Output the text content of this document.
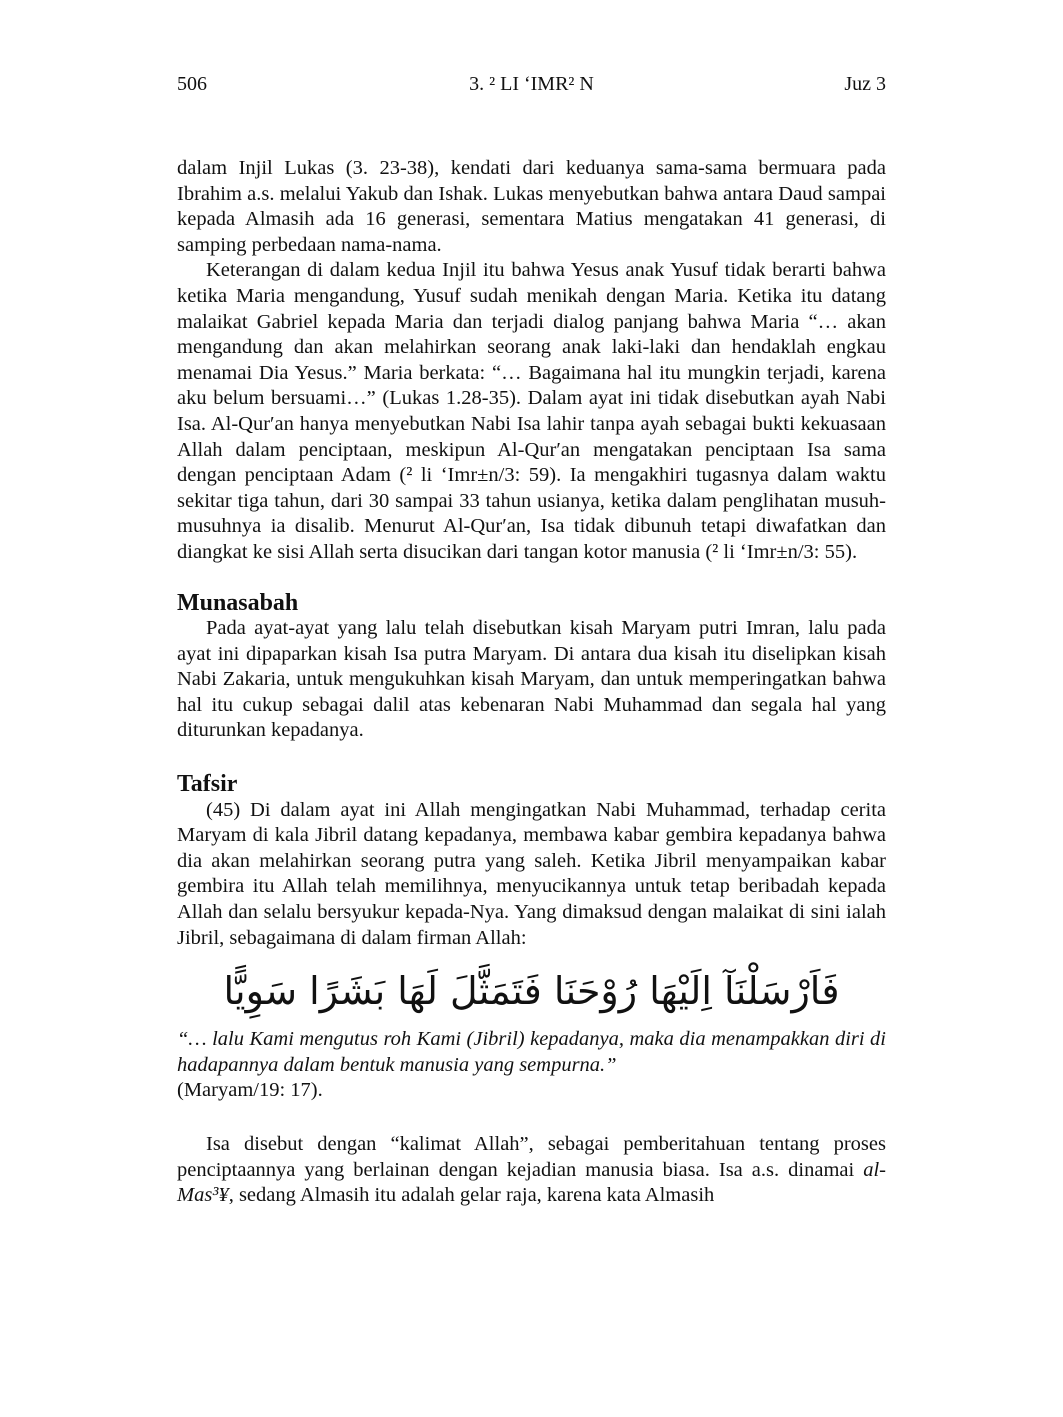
506	3. ² LI ‘IMR² N	Juz 3

dalam Injil Lukas (3. 23-38), kendati dari keduanya sama-sama bermuara pada Ibrahim a.s. melalui Yakub dan Ishak. Lukas menyebutkan bahwa antara Daud sampai kepada Almasih ada 16 generasi, sementara Matius mengatakan 41 generasi, di samping perbedaan nama-nama.

Keterangan di dalam kedua Injil itu bahwa Yesus anak Yusuf tidak berarti bahwa ketika Maria mengandung, Yusuf sudah menikah dengan Maria. Ketika itu datang malaikat Gabriel kepada Maria dan terjadi dialog panjang bahwa Maria “… akan mengandung dan akan melahirkan seorang anak laki-laki dan hendaklah engkau menamai Dia Yesus.” Maria berkata: “… Bagaimana hal itu mungkin terjadi, karena aku belum bersuami…” (Lukas 1.28-35). Dalam ayat ini tidak disebutkan ayah Nabi Isa. Al-Qur′an hanya menyebutkan Nabi Isa lahir tanpa ayah sebagai bukti kekuasaan Allah dalam penciptaan, meskipun Al-Qur′an mengatakan penciptaan Isa sama dengan penciptaan Adam (² li ‘Imr±n/3: 59). Ia mengakhiri tugasnya dalam waktu sekitar tiga tahun, dari 30 sampai 33 tahun usianya, ketika dalam penglihatan musuh-musuhnya ia disalib. Menurut Al-Qur′an, Isa tidak dibunuh tetapi diwafatkan dan diangkat ke sisi Allah serta disucikan dari tangan kotor manusia (² li ‘Imr±n/3: 55).

Munasabah

Pada ayat-ayat yang lalu telah disebutkan kisah Maryam putri Imran, lalu pada ayat ini dipaparkan kisah Isa putra Maryam. Di antara dua kisah itu diselipkan kisah Nabi Zakaria, untuk mengukuhkan kisah Maryam, dan untuk memperingatkan bahwa hal itu cukup sebagai dalil atas kebenaran Nabi Muhammad dan segala hal yang diturunkan kepadanya.

Tafsir

(45) Di dalam ayat ini Allah mengingatkan Nabi Muhammad, terhadap cerita Maryam di kala Jibril datang kepadanya, membawa kabar gembira kepadanya bahwa dia akan melahirkan seorang putra yang saleh. Ketika Jibril menyampaikan kabar gembira itu Allah telah memilihnya, menyucikannya untuk tetap beribadah kepada Allah dan selalu bersyukur kepada-Nya. Yang dimaksud dengan malaikat di sini ialah Jibril, sebagaimana di dalam firman Allah:

فَاَرْسَلْنَآ اِلَيْهَا رُوْحَنَا فَتَمَثَّلَ لَهَا بَشَرًا سَوِيًّا

“… lalu Kami mengutus roh Kami (Jibril) kepadanya, maka dia menampakkan diri di hadapannya dalam bentuk manusia yang sempurna.”

(Maryam/19: 17).

Isa disebut dengan “kalimat Allah”, sebagai pemberitahuan tentang proses penciptaannya yang berlainan dengan kejadian manusia biasa. Isa a.s. dinamai al-Mas³¥, sedang Almasih itu adalah gelar raja, karena kata Almasih
